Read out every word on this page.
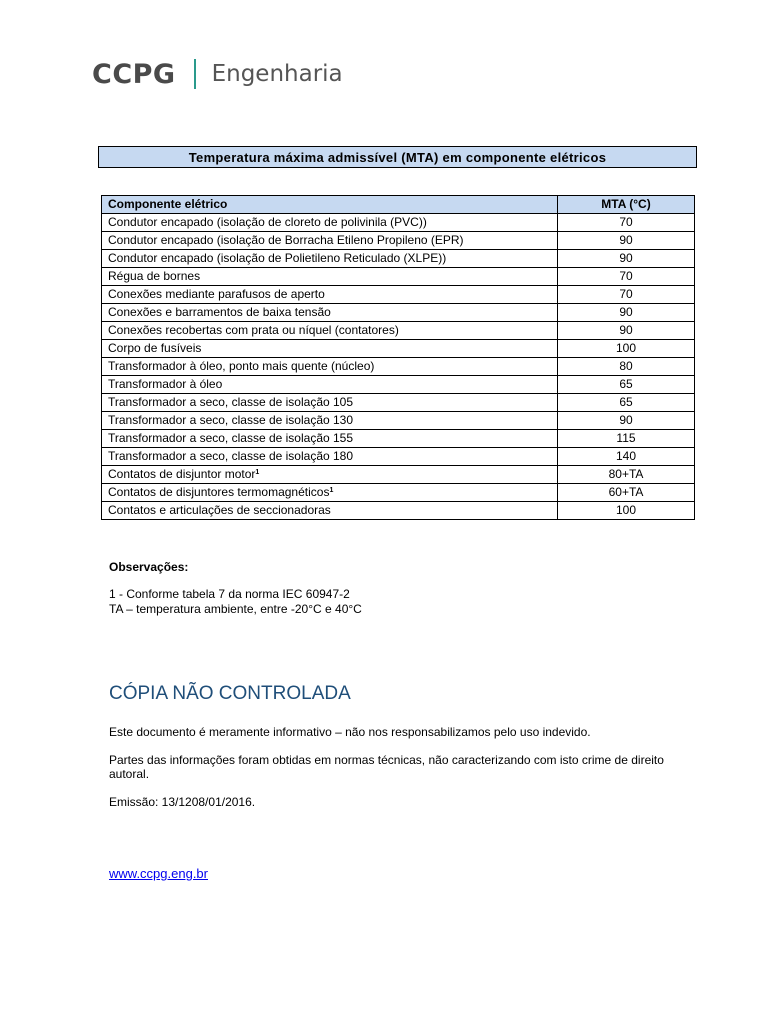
CCPG Engenharia
Temperatura máxima admissível (MTA) em componente elétricos
Componente elétrico	MTA (°C)
Condutor encapado (isolação de cloreto de polivinila (PVC))	70
Condutor encapado (isolação de Borracha Etileno Propileno (EPR)	90
Condutor encapado (isolação de Polietileno Reticulado (XLPE))	90
Régua de bornes	70
Conexões mediante parafusos de aperto	70
Conexões e barramentos de baixa tensão	90
Conexões recobertas com prata ou níquel (contatores)	90
Corpo de fusíveis	100
Transformador à óleo, ponto mais quente (núcleo)	80
Transformador à óleo	65
Transformador a seco, classe de isolação 105	65
Transformador a seco, classe de isolação 130	90
Transformador a seco, classe de isolação 155	115
Transformador a seco, classe de isolação 180	140
Contatos de disjuntor motor$^1$	80+TA
Contatos de disjuntores termomagnéticos$^1$	60+TA
Contatos e articulações de seccionadoras	100
Observações:
1 - Conforme tabela 7 da norma IEC 60947-2
TA – temperatura ambiente, entre -20°C e 40°C
CÓPIA NÃO CONTROLADA
Este documento é meramente informativo – não nos responsabilizamos pelo uso indevido.
Partes das informações foram obtidas em normas técnicas, não caracterizando com isto crime de direito autoral.
Emissão: 13/1208/01/2016.
www.ccpg.eng.br
